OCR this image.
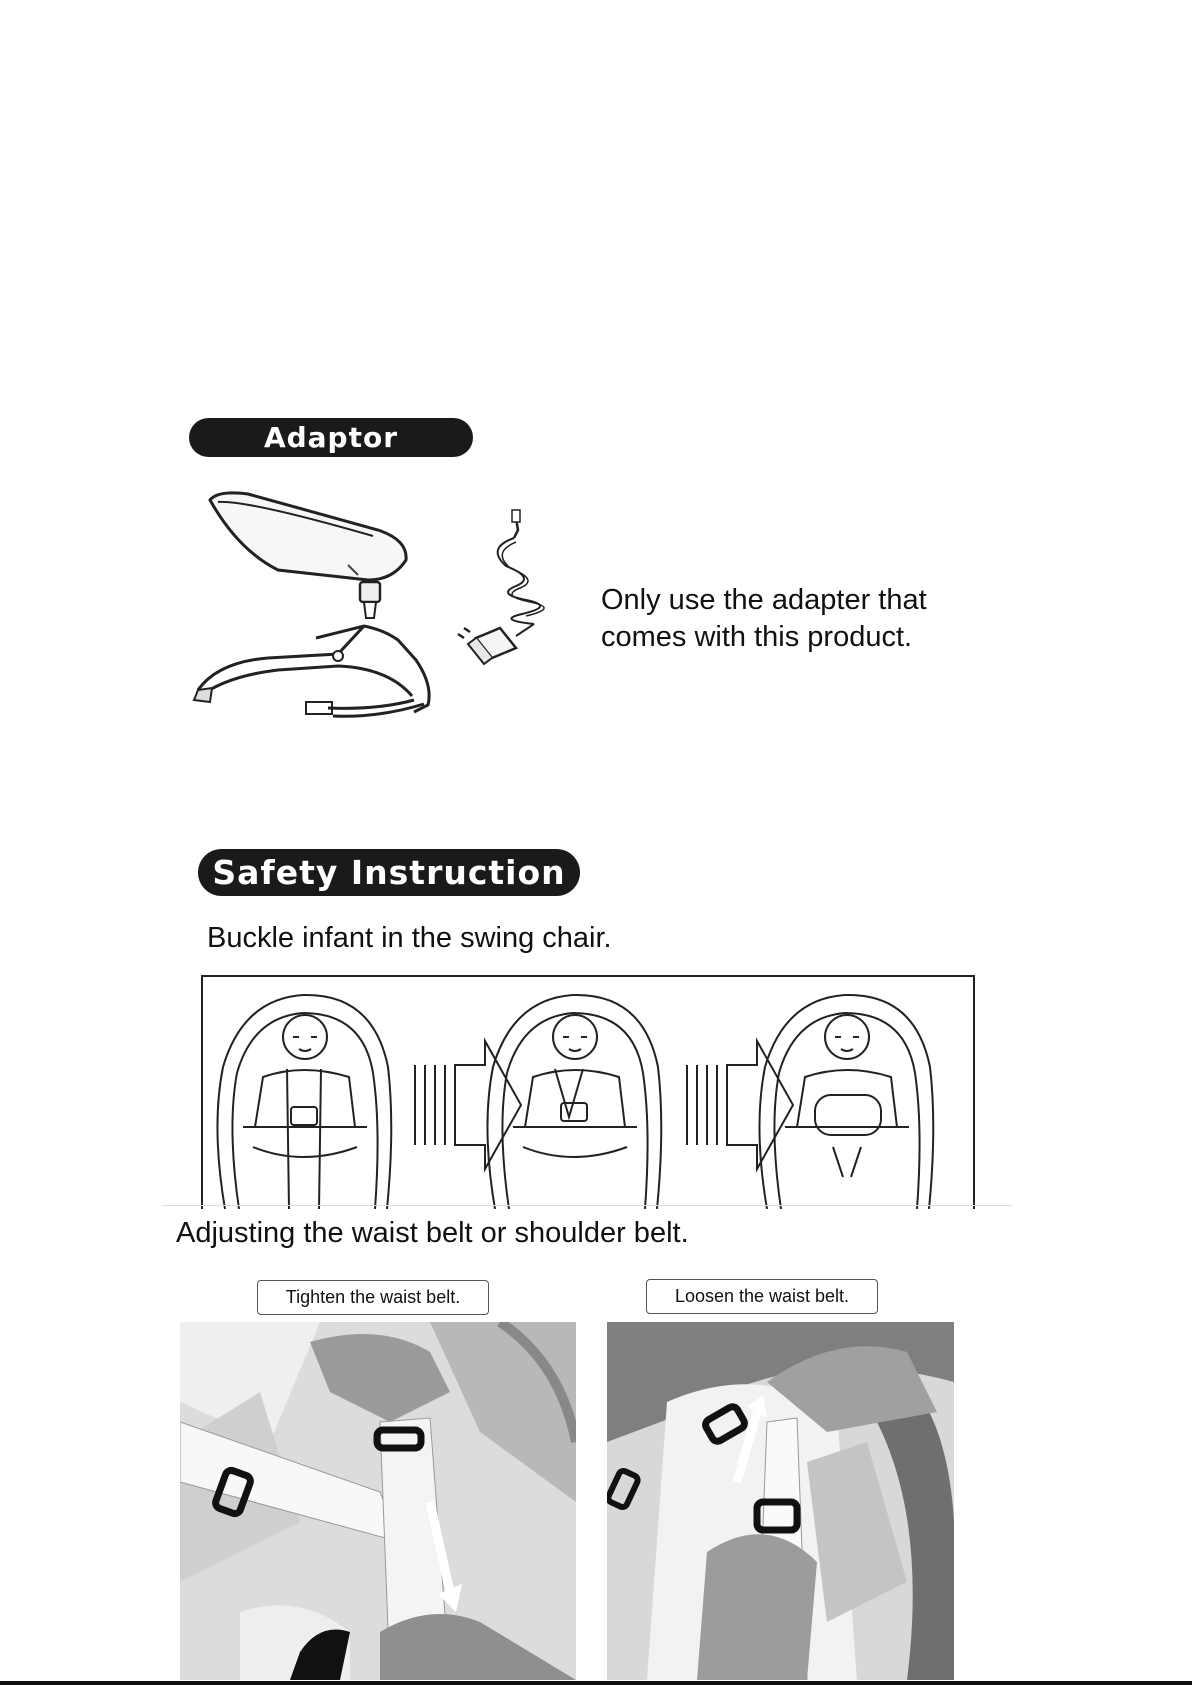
Adaptor
Only use the adapter that
comes with this product.
Safety Instruction
Buckle infant in the swing chair.
Adjusting the waist belt or shoulder belt.
Tighten the waist belt.	Loosen the waist belt.
